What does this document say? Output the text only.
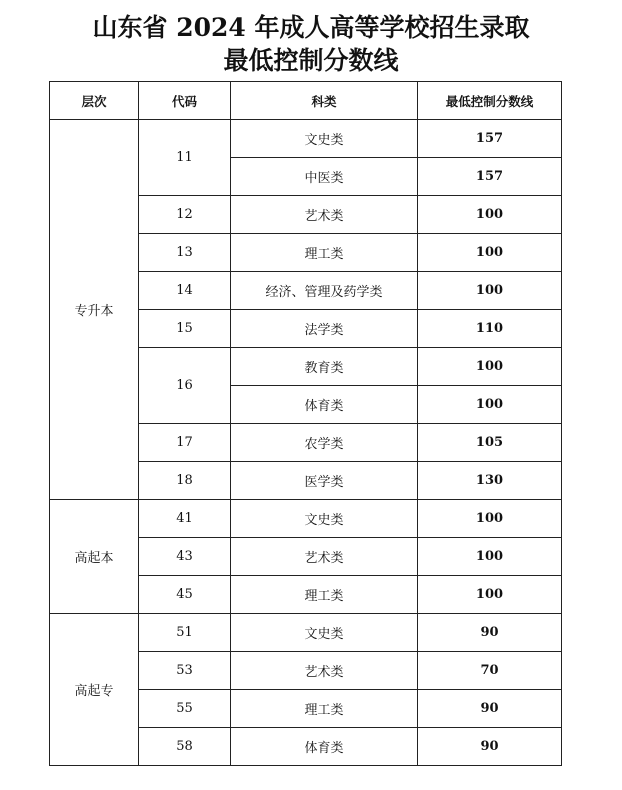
山东省 2024 年成人高等学校招生录取
最低控制分数线
层次	代码	科类	最低控制分数线
专升本	11	文史类	157
		中医类	157
	12	艺术类	100
	13	理工类	100
	14	经济、管理及药学类	100
	15	法学类	110
	16	教育类	100
		体育类	100
	17	农学类	105
	18	医学类	130
高起本	41	文史类	100
	43	艺术类	100
	45	理工类	100
高起专	51	文史类	90
	53	艺术类	70
	55	理工类	90
	58	体育类	90
